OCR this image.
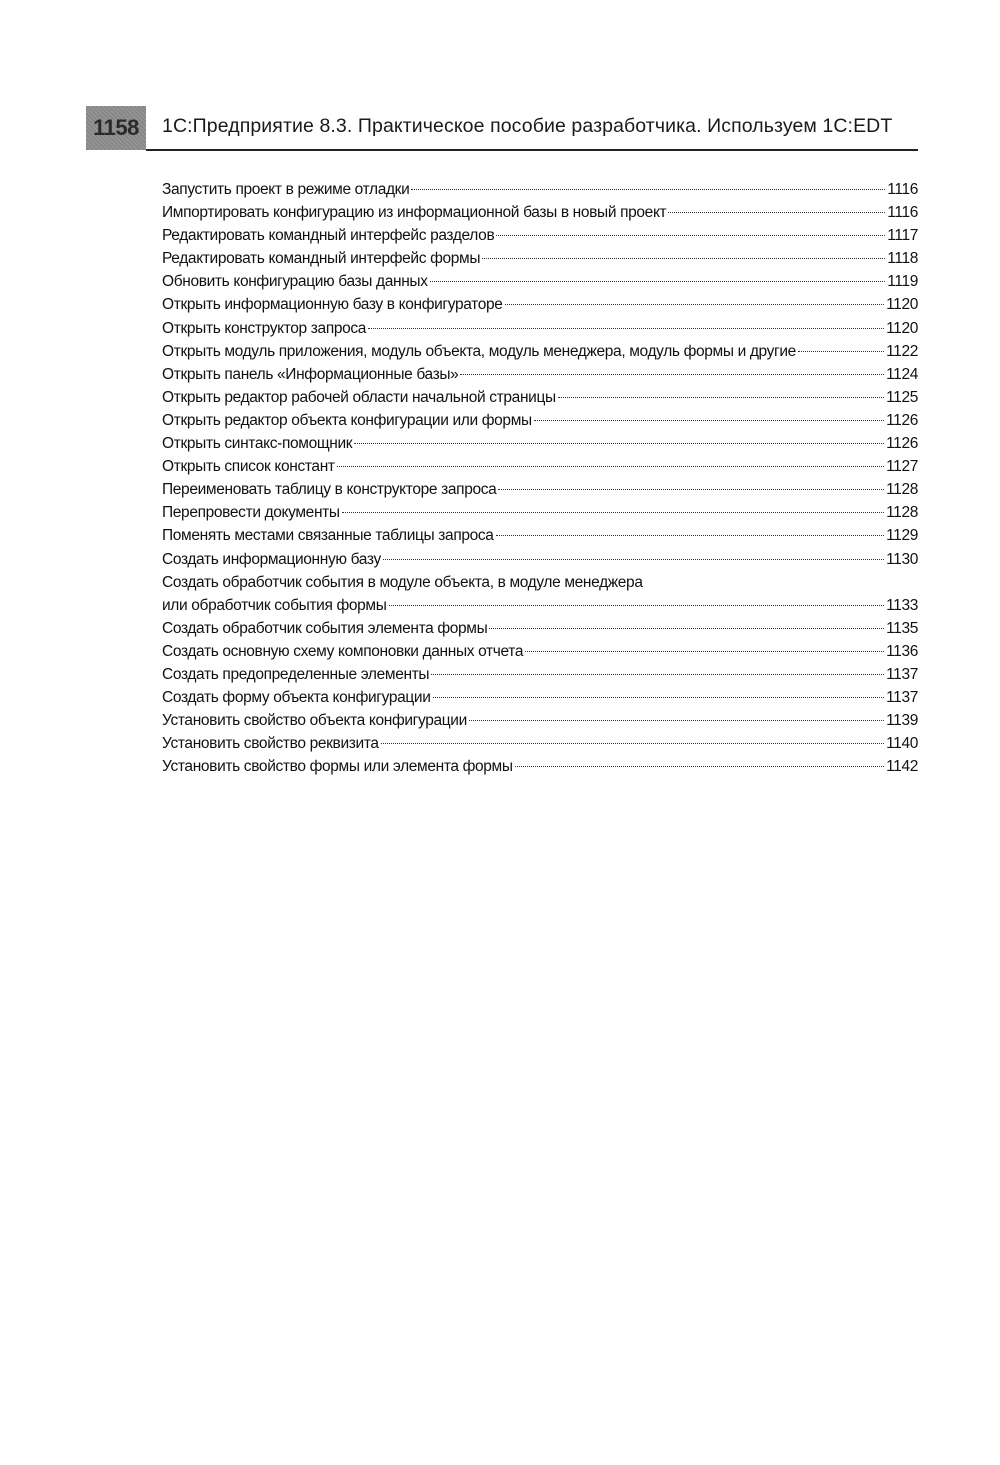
1158 1С:Предприятие 8.3. Практическое пособие разработчика. Используем 1С:EDT
Запустить проект в режиме отладки	1116
Импортировать конфигурацию из информационной базы в новый проект	1116
Редактировать командный интерфейс разделов	1117
Редактировать командный интерфейс формы	1118
Обновить конфигурацию базы данных	1119
Открыть информационную базу в конфигураторе	1120
Открыть конструктор запроса	1120
Открыть модуль приложения, модуль объекта, модуль менеджера, модуль формы и другие	1122
Открыть панель «Информационные базы»	1124
Открыть редактор рабочей области начальной страницы	1125
Открыть редактор объекта конфигурации или формы	1126
Открыть синтакс-помощник	1126
Открыть список констант	1127
Переименовать таблицу в конструкторе запроса	1128
Перепровести документы	1128
Поменять местами связанные таблицы запроса	1129
Создать информационную базу	1130
Создать обработчик события в модуле объекта, в модуле менеджера
или обработчик события формы	1133
Создать обработчик события элемента формы	1135
Создать основную схему компоновки данных отчета	1136
Создать предопределенные элементы	1137
Создать форму объекта конфигурации	1137
Установить свойство объекта конфигурации	1139
Установить свойство реквизита	1140
Установить свойство формы или элемента формы	1142
